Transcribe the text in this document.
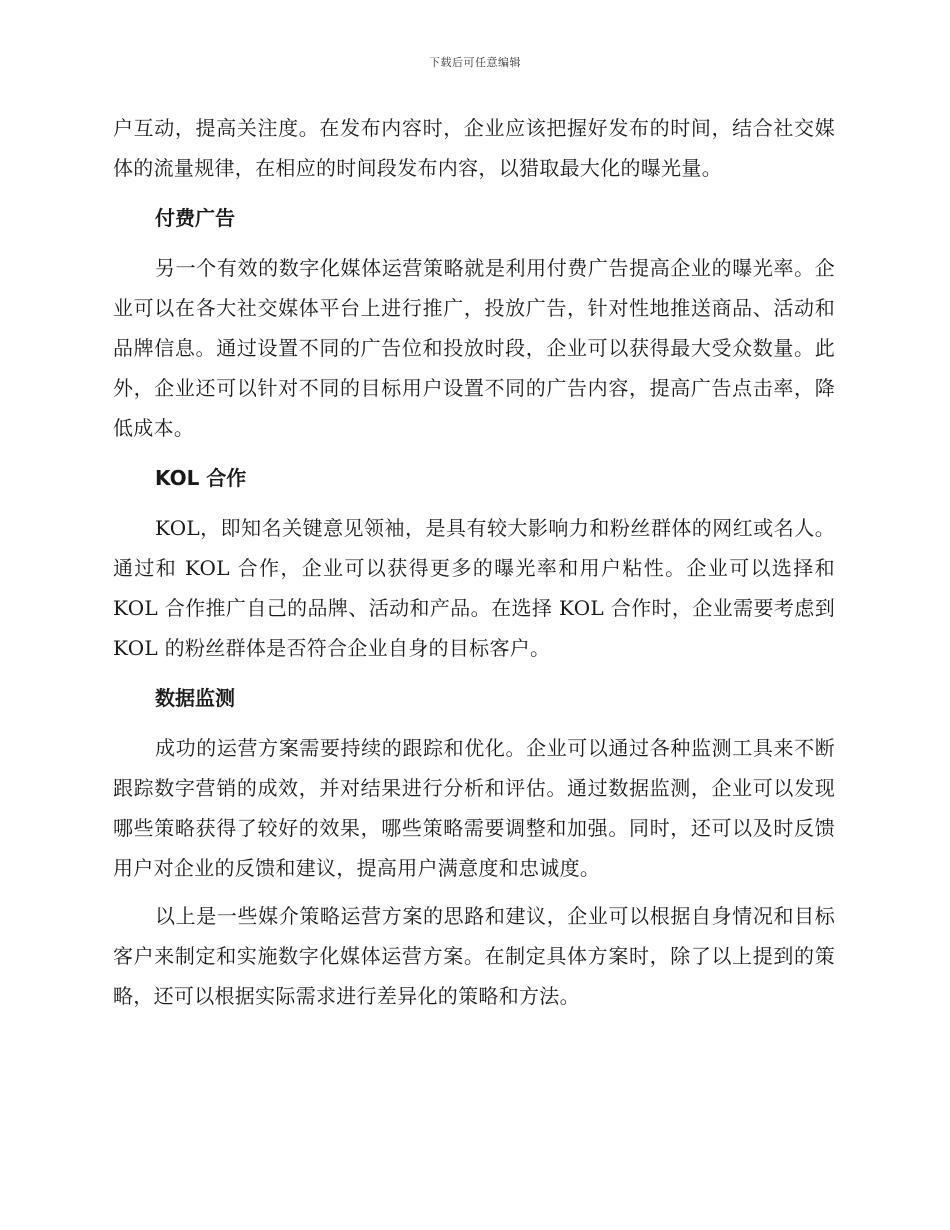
下载后可任意编辑

户互动，提高关注度。在发布内容时，企业应该把握好发布的时间，结合社交媒体的流量规律，在相应的时间段发布内容，以猎取最大化的曝光量。

付费广告

另一个有效的数字化媒体运营策略就是利用付费广告提高企业的曝光率。企业可以在各大社交媒体平台上进行推广，投放广告，针对性地推送商品、活动和品牌信息。通过设置不同的广告位和投放时段，企业可以获得最大受众数量。此外，企业还可以针对不同的目标用户设置不同的广告内容，提高广告点击率，降低成本。

KOL 合作

KOL，即知名关键意见领袖，是具有较大影响力和粉丝群体的网红或名人。通过和 KOL 合作，企业可以获得更多的曝光率和用户粘性。企业可以选择和 KOL 合作推广自己的品牌、活动和产品。在选择 KOL 合作时，企业需要考虑到 KOL 的粉丝群体是否符合企业自身的目标客户。

数据监测

成功的运营方案需要持续的跟踪和优化。企业可以通过各种监测工具来不断跟踪数字营销的成效，并对结果进行分析和评估。通过数据监测，企业可以发现哪些策略获得了较好的效果，哪些策略需要调整和加强。同时，还可以及时反馈用户对企业的反馈和建议，提高用户满意度和忠诚度。

以上是一些媒介策略运营方案的思路和建议，企业可以根据自身情况和目标客户来制定和实施数字化媒体运营方案。在制定具体方案时，除了以上提到的策略，还可以根据实际需求进行差异化的策略和方法。
